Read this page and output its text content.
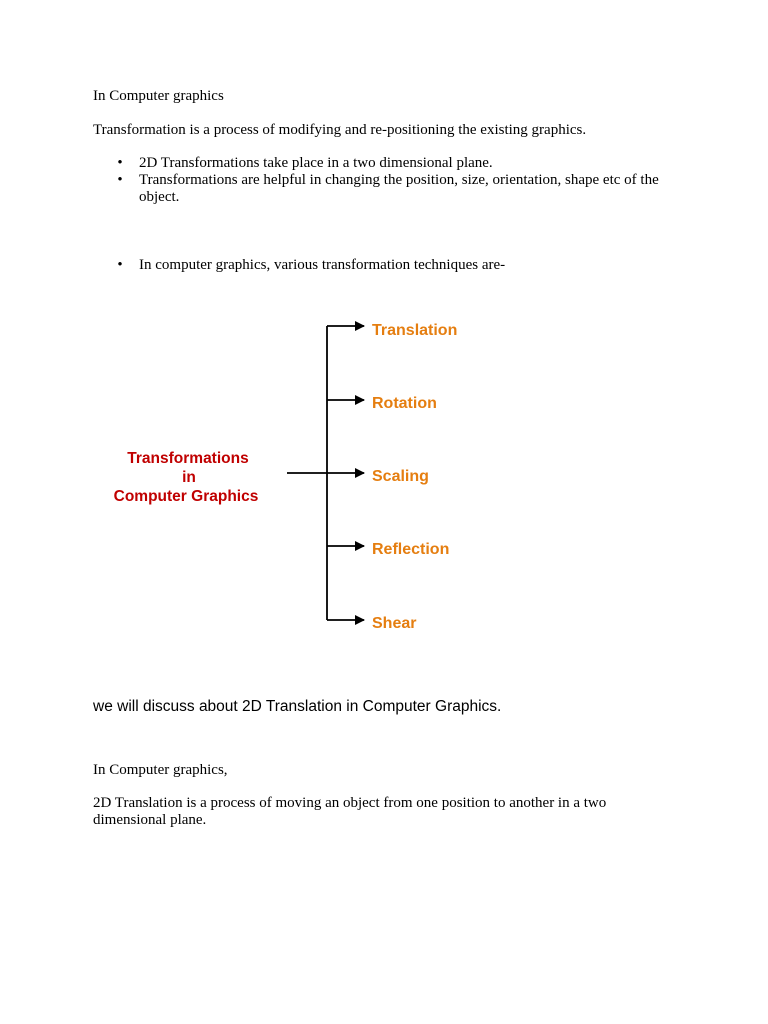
In Computer graphics

Transformation is a process of modifying and re-positioning the existing graphics.

• 2D Transformations take place in a two dimensional plane.
• Transformations are helpful in changing the position, size, orientation, shape etc of the object.
• In computer graphics, various transformation techniques are-
Transformations
in
Computer Graphics
Translation
Rotation
Scaling
Reflection
Shear

we will discuss about 2D Translation in Computer Graphics.

In Computer graphics,

2D Translation is a process of moving an object from one position to another in a two dimensional plane.
